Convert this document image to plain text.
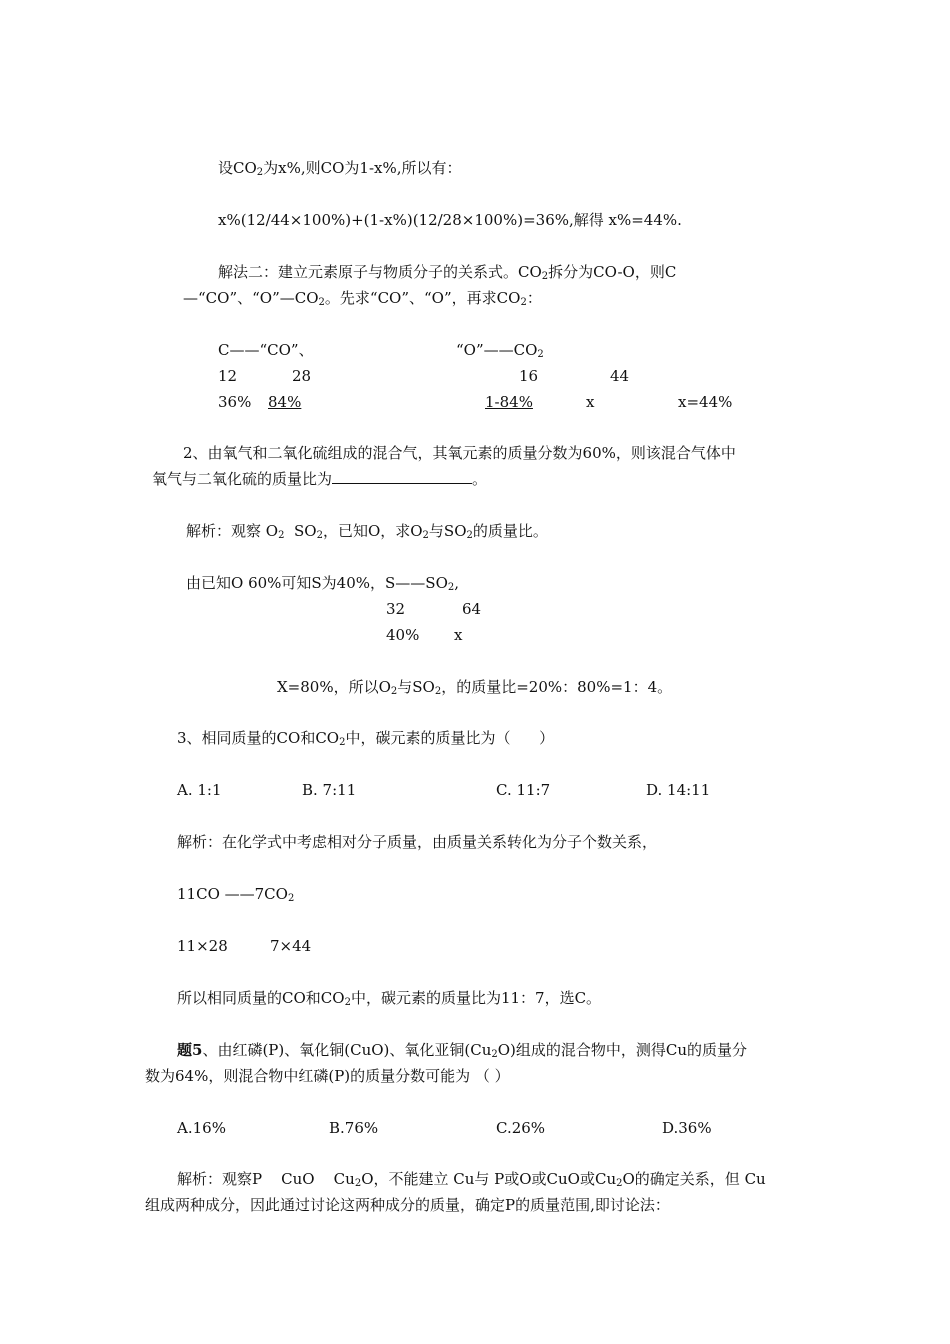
设$CO_2$为x%,则CO为1-x%,所以有：
x%(12/44×100%)+(1-x%)(12/28×100%)=36%,解得 x%=44%.
解法二：建立元素原子与物质分子的关系式。$CO_2$拆分为CO-O，则C
—“CO”、“$O”—CO_2$。先求“CO”、“O”，再求$CO_2$：
C——“CO”、	“$O”——CO_2$
12	28	16	44
36% 84%	1-84%	x	x=44%
2、由氧气和二氧化硫组成的混合气，其氧元素的质量分数为60%，则该混合气体中
氧气与二氧化硫的质量比为	。
解析：观察 $O_2$  $SO_2$，已知O，求$O_2$与$SO_2$的质量比。
由已知O 60%可知S为40%，$S——SO_2$,
32	64
40% x
X=80%，所以$O_2$与$SO_2$，的质量比=20%：80%=1：4。
3、相同质量的CO和$CO_2$中，碳元素的质量比为（      ）
A. 1:1	B. 7:11	C. 11:7	D. 14:11
解析：在化学式中考虑相对分子质量，由质量关系转化为分子个数关系，
11CO $——7CO_2$
11×28	7×44
所以相同质量的CO和$CO_2$中，碳元素的质量比为11：7，选C。
题5、由红磷(P)、氧化铜(CuO)、氧化亚铜$(Cu_2O)$组成的混合物中，测得Cu的质量分
数为64%，则混合物中红磷(P)的质量分数可能为 （ ）
A.16%	B.76%	C.26%	D.36%
解析：观察P    CuO    $Cu_2O$，不能建立 Cu与 P或O或CuO或$Cu_2O$的确定关系，但 Cu
组成两种成分，因此通过讨论这两种成分的质量，确定P的质量范围,即讨论法：
